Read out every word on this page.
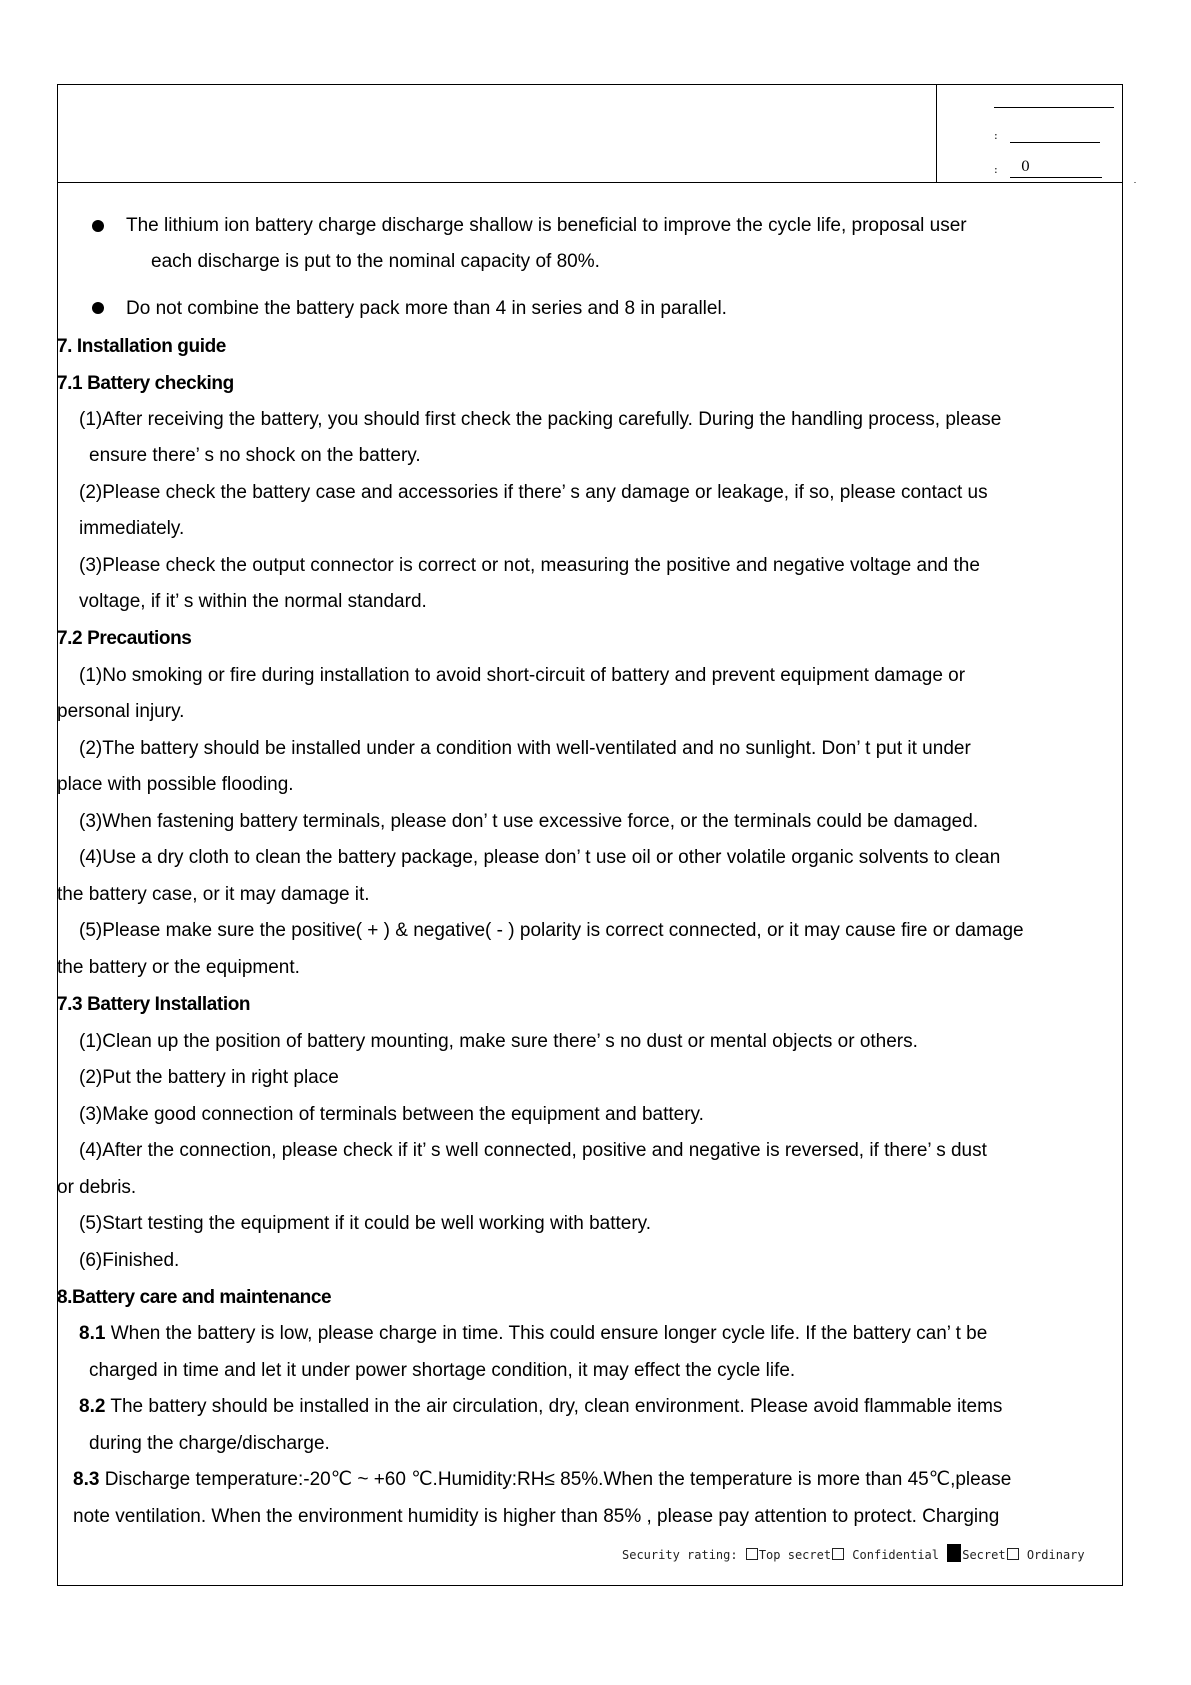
:
: 0
The lithium ion battery charge discharge shallow is beneficial to improve the cycle life, proposal user
each discharge is put to the nominal capacity of 80%.
Do not combine the battery pack more than 4 in series and 8 in parallel.
7. Installation guide
7.1 Battery checking
(1)After receiving the battery, you should first check the packing carefully. During the handling process, please
ensure there’ s no shock on the battery.
(2)Please check the battery case and accessories if there’ s any damage or leakage, if so, please contact us
immediately.
(3)Please check the output connector is correct or not, measuring the positive and negative voltage and the
voltage, if it’ s within the normal standard.
7.2 Precautions
(1)No smoking or fire during installation to avoid short-circuit of battery and prevent equipment damage or
personal injury.
(2)The battery should be installed under a condition with well-ventilated and no sunlight. Don’ t put it under
place with possible flooding.
(3)When fastening battery terminals, please don’ t use excessive force, or the terminals could be damaged.
(4)Use a dry cloth to clean the battery package, please don’ t use oil or other volatile organic solvents to clean
the battery case, or it may damage it.
(5)Please make sure the positive( + ) & negative( - ) polarity is correct connected, or it may cause fire or damage
the battery or the equipment.
7.3 Battery Installation
(1)Clean up the position of battery mounting, make sure there’ s no dust or mental objects or others.
(2)Put the battery in right place
(3)Make good connection of terminals between the equipment and battery.
(4)After the connection, please check if it’ s well connected, positive and negative is reversed, if there’ s dust
or debris.
(5)Start testing the equipment if it could be well working with battery.
(6)Finished.
8.Battery care and maintenance
8.1 When the battery is low, please charge in time. This could ensure longer cycle life. If the battery can’ t be
charged in time and let it under power shortage condition, it may effect the cycle life.
8.2 The battery should be installed in the air circulation, dry, clean environment. Please avoid flammable items
during the charge/discharge.
8.3 Discharge temperature:-20℃ ~ +60 ℃.Humidity:RH≤ 85%.When the temperature is more than 45℃,please
note ventilation. When the environment humidity is higher than 85% , please pay attention to protect. Charging
Security rating: Top secret Confidential Secret Ordinary
